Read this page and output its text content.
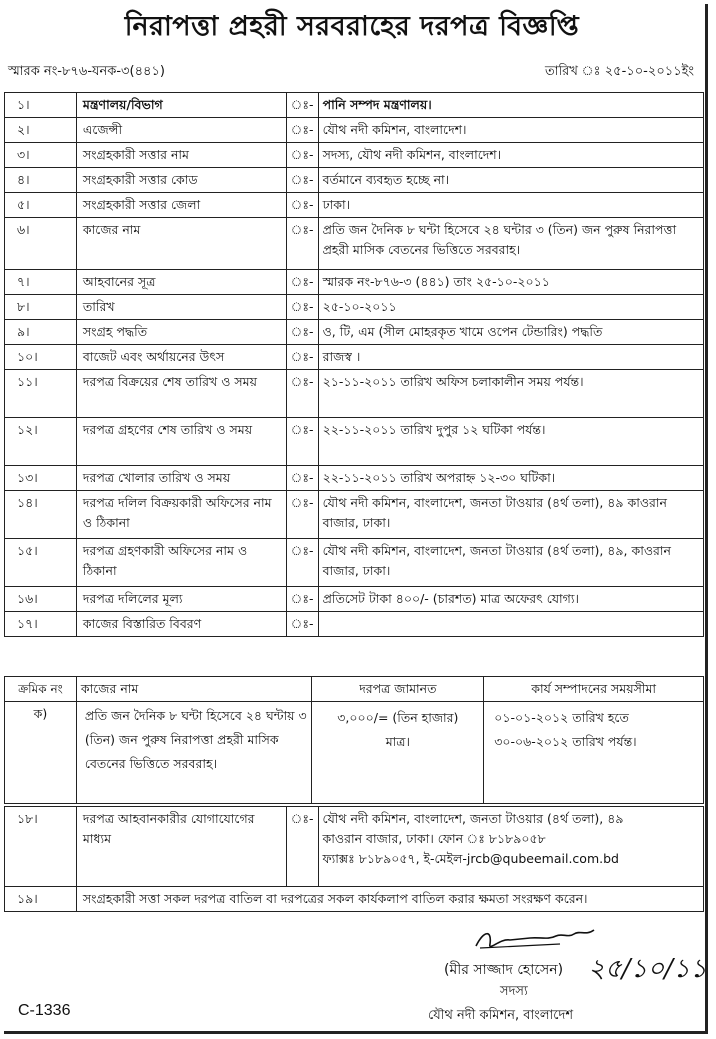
নিরাপত্তা প্রহরী সরবরাহের দরপত্র বিজ্ঞপ্তি
স্মারক নং-৮৭৬-যনক-৩(৪৪১)	তারিখ ঃ ২৫-১০-২০১১ইং
১।	মন্ত্রণালয়/বিভাগ	ঃ-	পানি সম্পদ মন্ত্রণালয়।
২।	এজেন্সী	ঃ-	যৌথ নদী কমিশন, বাংলাদেশ।
৩।	সংগ্রহকারী সত্তার নাম	ঃ-	সদস্য, যৌথ নদী কমিশন, বাংলাদেশ।
৪।	সংগ্রহকারী সত্তার কোড	ঃ-	বর্তমানে ব্যবহৃত হচ্ছে না।
৫।	সংগ্রহকারী সত্তার জেলা	ঃ-	ঢাকা।
৬।	কাজের নাম	ঃ-	প্রতি জন দৈনিক ৮ ঘন্টা হিসেবে ২৪ ঘন্টার ৩ (তিন) জন পুরুষ নিরাপত্তা প্রহরী মাসিক বেতনের ভিত্তিতে সরবরাহ।
৭।	আহবানের সূত্র	ঃ-	স্মারক নং-৮৭৬-৩ (৪৪১) তাং ২৫-১০-২০১১
৮।	তারিখ	ঃ-	২৫-১০-২০১১
৯।	সংগ্রহ পদ্ধতি	ঃ-	ও, টি, এম (সীল মোহরকৃত খামে ওপেন টেন্ডারিং) পদ্ধতি
১০।	বাজেট এবং অর্থায়নের উৎস	ঃ-	রাজস্ব ।
১১।	দরপত্র বিক্রয়ের শেষ তারিখ ও সময়	ঃ-	২১-১১-২০১১ তারিখ অফিস চলাকালীন সময় পর্যন্ত।
১২।	দরপত্র গ্রহণের শেষ তারিখ ও সময়	ঃ-	২২-১১-২০১১ তারিখ দুপুর ১২ ঘটিকা পর্যন্ত।
১৩।	দরপত্র খোলার তারিখ ও সময়	ঃ-	২২-১১-২০১১ তারিখ অপরাহ্ন ১২-৩০ ঘটিকা।
১৪।	দরপত্র দলিল বিক্রয়কারী অফিসের নাম ও ঠিকানা	ঃ-	যৌথ নদী কমিশন, বাংলাদেশ, জনতা টাওয়ার (৪র্থ তলা), ৪৯ কাওরান বাজার, ঢাকা।
১৫।	দরপত্র গ্রহণকারী অফিসের নাম ও ঠিকানা	ঃ-	যৌথ নদী কমিশন, বাংলাদেশ, জনতা টাওয়ার (৪র্থ তলা), ৪৯, কাওরান বাজার, ঢাকা।
১৬।	দরপত্র দলিলের মূল্য	ঃ-	প্রতিসেট টাকা ৪০০/- (চারশত) মাত্র অফেরৎ যোগ্য।
১৭।	কাজের বিস্তারিত বিবরণ	ঃ-	
ক্রমিক নং	কাজের নাম	দরপত্র জামানত	কার্য সম্পাদনের সময়সীমা
ক)	প্রতি জন দৈনিক ৮ ঘন্টা হিসেবে ২৪ ঘন্টায় ৩ (তিন) জন পুরুষ নিরাপত্তা প্রহরী মাসিক বেতনের ভিত্তিতে সরবরাহ।	৩,০০০/= (তিন হাজার) মাত্র।	০১-০১-২০১২ তারিখ হতে ৩০-০৬-২০১২ তারিখ পর্যন্ত।
১৮।	দরপত্র আহবানকারীর যোগাযোগের মাধ্যম	ঃ-	যৌথ নদী কমিশন, বাংলাদেশ, জনতা টাওয়ার (৪র্থ তলা), ৪৯
কাওরান বাজার, ঢাকা। ফোন ঃ ৮১৮৯০৫৮
ফ্যাক্সঃ ৮১৮৯০৫৭, ই-মেইল-jrcb@qubeemail.com.bd

১৯।	সংগ্রহকারী সত্তা সকল দরপত্র বাতিল বা দরপত্রের সকল কার্যকলাপ বাতিল করার ক্ষমতা সংরক্ষণ করেন।		
২৫/১০/১১
(মীর সাজ্জাদ হোসেন)
সদস্য
যৌথ নদী কমিশন, বাংলাদেশ
C-1336
